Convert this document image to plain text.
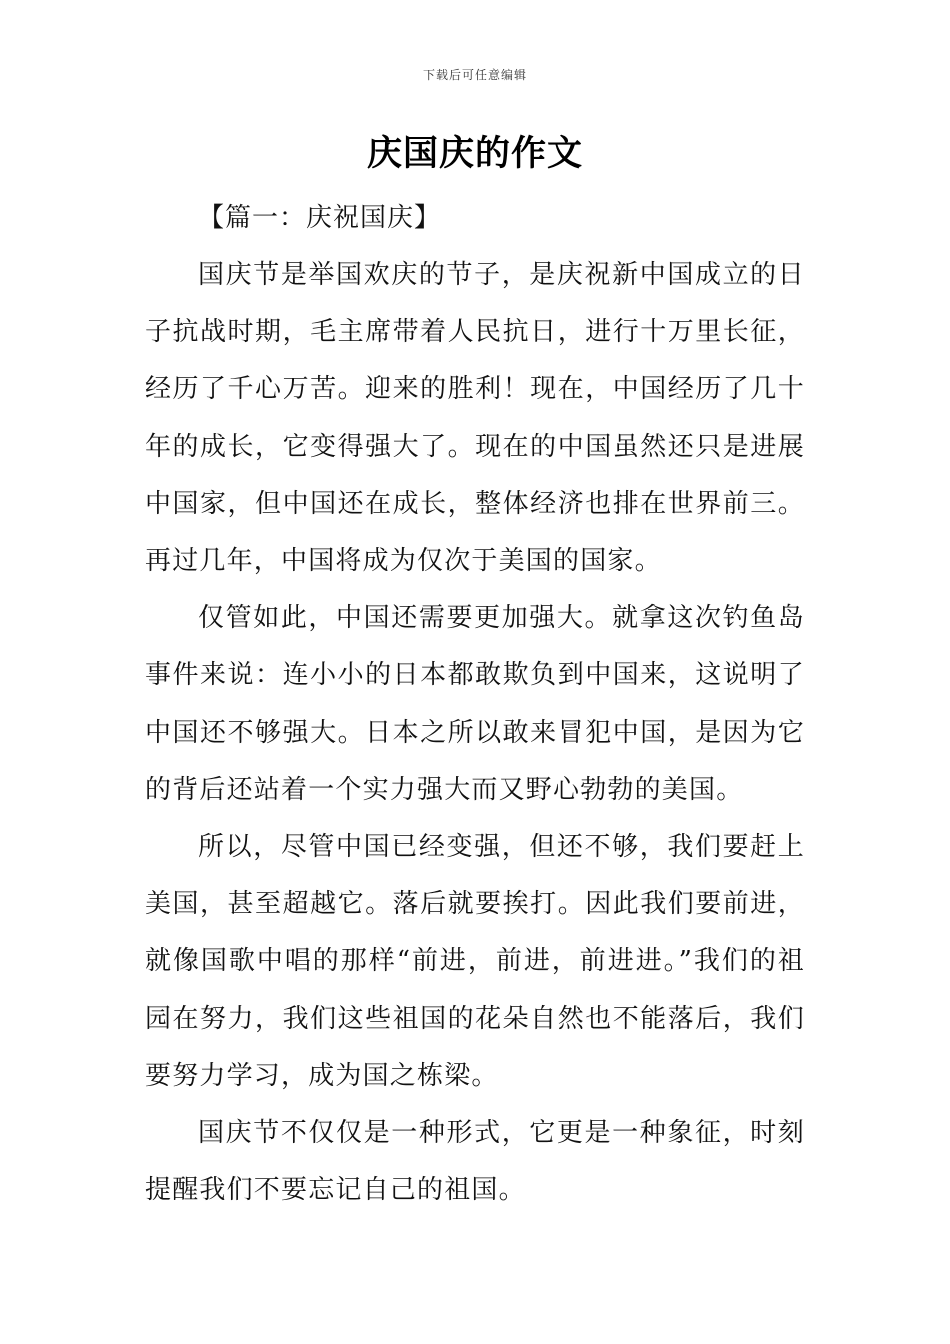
下载后可任意编辑
庆国庆的作文

【篇一：庆祝国庆】

国庆节是举国欢庆的节子，是庆祝新中国成立的日子抗战时期，毛主席带着人民抗日，进行十万里长征，经历了千心万苦。迎来的胜利！现在，中国经历了几十年的成长，它变得强大了。现在的中国虽然还只是进展中国家，但中国还在成长，整体经济也排在世界前三。再过几年，中国将成为仅次于美国的国家。

仅管如此，中国还需要更加强大。就拿这次钓鱼岛事件来说：连小小的日本都敢欺负到中国来，这说明了中国还不够强大。日本之所以敢来冒犯中国，是因为它的背后还站着一个实力强大而又野心勃勃的美国。

所以，尽管中国已经变强，但还不够，我们要赶上美国，甚至超越它。落后就要挨打。因此我们要前进，就像国歌中唱的那样“前进，前进，前进进。”我们的祖园在努力，我们这些祖国的花朵自然也不能落后，我们要努力学习，成为国之栋梁。

国庆节不仅仅是一种形式，它更是一种象征，时刻提醒我们不要忘记自己的祖国。
